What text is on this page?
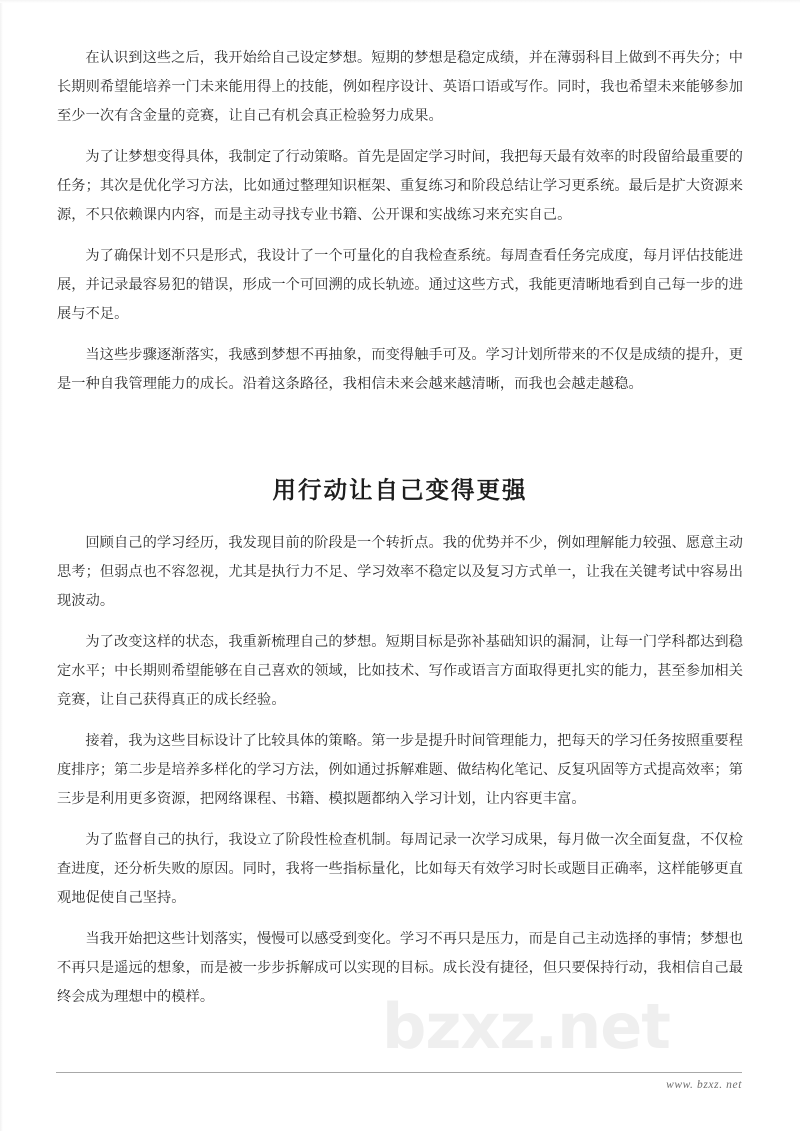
在认识到这些之后，我开始给自己设定梦想。短期的梦想是稳定成绩，并在薄弱科目上做到不再失分；中长期则希望能培养一门未来能用得上的技能，例如程序设计、英语口语或写作。同时，我也希望未来能够参加至少一次有含金量的竞赛，让自己有机会真正检验努力成果。

为了让梦想变得具体，我制定了行动策略。首先是固定学习时间，我把每天最有效率的时段留给最重要的任务；其次是优化学习方法，比如通过整理知识框架、重复练习和阶段总结让学习更系统。最后是扩大资源来源，不只依赖课内内容，而是主动寻找专业书籍、公开课和实战练习来充实自己。

为了确保计划不只是形式，我设计了一个可量化的自我检查系统。每周查看任务完成度，每月评估技能进展，并记录最容易犯的错误，形成一个可回溯的成长轨迹。通过这些方式，我能更清晰地看到自己每一步的进展与不足。

当这些步骤逐渐落实，我感到梦想不再抽象，而变得触手可及。学习计划所带来的不仅是成绩的提升，更是一种自我管理能力的成长。沿着这条路径，我相信未来会越来越清晰，而我也会越走越稳。

用行动让自己变得更强

回顾自己的学习经历，我发现目前的阶段是一个转折点。我的优势并不少，例如理解能力较强、愿意主动思考；但弱点也不容忽视，尤其是执行力不足、学习效率不稳定以及复习方式单一，让我在关键考试中容易出现波动。

为了改变这样的状态，我重新梳理自己的梦想。短期目标是弥补基础知识的漏洞，让每一门学科都达到稳定水平；中长期则希望能够在自己喜欢的领域，比如技术、写作或语言方面取得更扎实的能力，甚至参加相关竞赛，让自己获得真正的成长经验。

接着，我为这些目标设计了比较具体的策略。第一步是提升时间管理能力，把每天的学习任务按照重要程度排序；第二步是培养多样化的学习方法，例如通过拆解难题、做结构化笔记、反复巩固等方式提高效率；第三步是利用更多资源，把网络课程、书籍、模拟题都纳入学习计划，让内容更丰富。

为了监督自己的执行，我设立了阶段性检查机制。每周记录一次学习成果，每月做一次全面复盘，不仅检查进度，还分析失败的原因。同时，我将一些指标量化，比如每天有效学习时长或题目正确率，这样能够更直观地促使自己坚持。

当我开始把这些计划落实，慢慢可以感受到变化。学习不再只是压力，而是自己主动选择的事情；梦想也不再只是遥远的想象，而是被一步步拆解成可以实现的目标。成长没有捷径，但只要保持行动，我相信自己最终会成为理想中的模样。	bzxz.net
www. bzxz. net
